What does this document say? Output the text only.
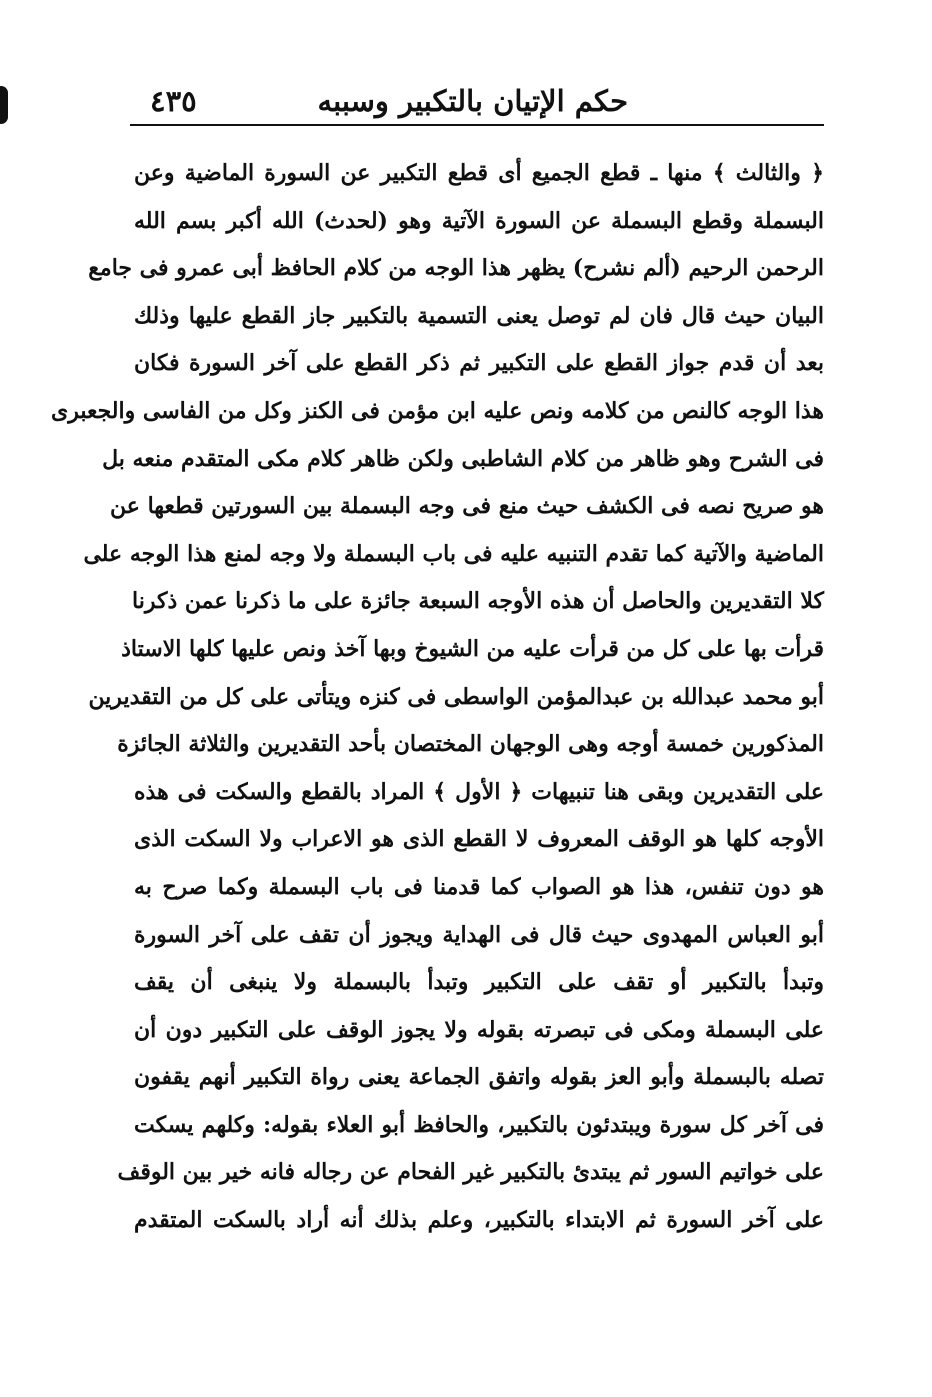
حكم الإتيان بالتكبير وسببه
٤٣٥
﴿ والثالث ﴾ منها ـ قطع الجميع أى قطع التكبير عن السورة الماضية وعن
البسملة وقطع البسملة عن السورة الآتية وهو (لحدث) الله أكبر بسم الله
الرحمن الرحيم (ألم نشرح) يظهر هذا الوجه من كلام الحافظ أبى عمرو فى جامع
البيان حيث قال فان لم توصل يعنى التسمية بالتكبير جاز القطع عليها وذلك
بعد أن قدم جواز القطع على التكبير ثم ذكر القطع على آخر السورة فكان
هذا الوجه كالنص من كلامه ونص عليه ابن مؤمن فى الكنز وكل من الفاسى والجعبرى
فى الشرح وهو ظاهر من كلام الشاطبى ولكن ظاهر كلام مكى المتقدم منعه بل
هو صريح نصه فى الكشف حيث منع فى وجه البسملة بين السورتين قطعها عن
الماضية والآتية كما تقدم التنبيه عليه فى باب البسملة ولا وجه لمنع هذا الوجه على
كلا التقديرين والحاصل أن هذه الأوجه السبعة جائزة على ما ذكرنا عمن ذكرنا
قرأت بها على كل من قرأت عليه من الشيوخ وبها آخذ ونص عليها كلها الاستاذ
أبو محمد عبدالله بن عبدالمؤمن الواسطى فى كنزه ويتأتى على كل من التقديرين
المذكورين خمسة أوجه وهى الوجهان المختصان بأحد التقديرين والثلاثة الجائزة
على التقديرين وبقى هنا تنبيهات ﴿ الأول ﴾ المراد بالقطع والسكت فى هذه
الأوجه كلها هو الوقف المعروف لا القطع الذى هو الاعراب ولا السكت الذى
هو دون تنفس، هذا هو الصواب كما قدمنا فى باب البسملة وكما صرح به
أبو العباس المهدوى حيث قال فى الهداية ويجوز أن تقف على آخر السورة
وتبدأ بالتكبير أو تقف على التكبير وتبدأ بالبسملة ولا ينبغى أن يقف
على البسملة ومكى فى تبصرته بقوله ولا يجوز الوقف على التكبير دون أن
تصله بالبسملة وأبو العز بقوله واتفق الجماعة يعنى رواة التكبير أنهم يقفون
فى آخر كل سورة ويبتدئون بالتكبير، والحافظ أبو العلاء بقوله: وكلهم يسكت
على خواتيم السور ثم يبتدئ بالتكبير غير الفحام عن رجاله فانه خير بين الوقف
على آخر السورة ثم الابتداء بالتكبير، وعلم بذلك أنه أراد بالسكت المتقدم
